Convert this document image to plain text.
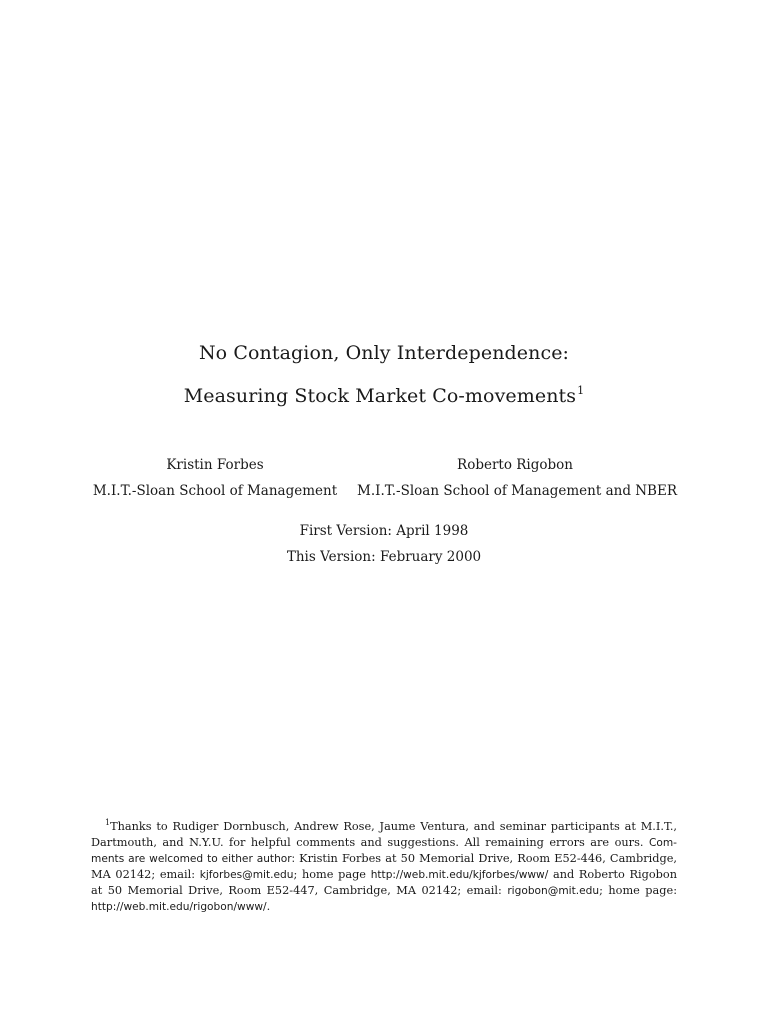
No Contagion, Only Interdependence:
Measuring Stock Market Co-movements$^1$
Kristin Forbes
M.I.T.-Sloan School of Management
Roberto Rigobon
M.I.T.-Sloan School of Management and NBER
First Version: April 1998
This Version: February 2000
$^1$Thanks to Rudiger Dornbusch, Andrew Rose, Jaume Ventura, and seminar participants at M.I.T.,
Dartmouth, and N.Y.U. for helpful comments and suggestions. All remaining errors are ours. Com-
ments are welcomed to either author: Kristin Forbes at 50 Memorial Drive, Room E52-446, Cambridge,
MA 02142; email: kjforbes@mit.edu; home page http://web.mit.edu/kjforbes/www/ and Roberto Rigobon
at 50 Memorial Drive, Room E52-447, Cambridge, MA 02142; email: rigobon@mit.edu; home page:
http://web.mit.edu/rigobon/www/.
